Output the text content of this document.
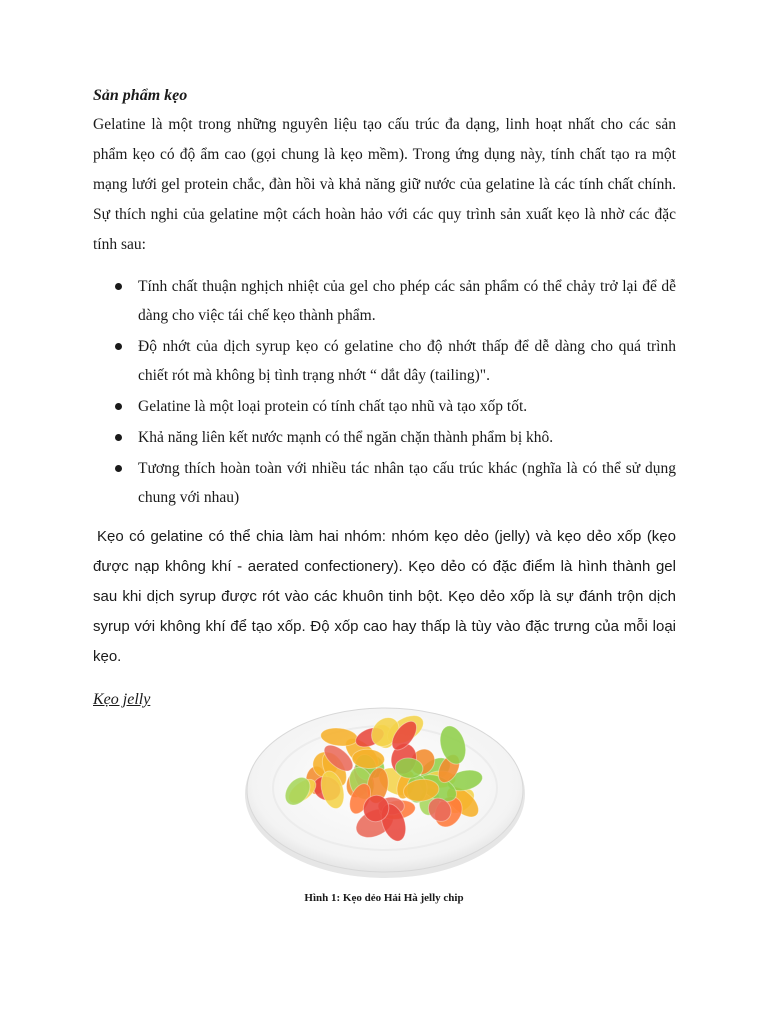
Sản phẩm kẹo

Gelatine là một trong những nguyên liệu tạo cấu trúc đa dạng, linh hoạt nhất cho các sản phẩm kẹo có độ ẩm cao (gọi chung là kẹo mềm). Trong ứng dụng này, tính chất tạo ra một mạng lưới gel protein chắc, đàn hồi và khả năng giữ nước của gelatine là các tính chất chính. Sự thích nghi của gelatine một cách hoàn hảo với các quy trình sản xuất kẹo là nhờ các đặc tính sau:

Tính chất thuận nghịch nhiệt của gel cho phép các sản phẩm có thể chảy trở lại để dễ dàng cho việc tái chế kẹo thành phẩm.
Độ nhớt của dịch syrup kẹo có gelatine cho độ nhớt thấp để dễ dàng cho quá trình chiết rót mà không bị tình trạng nhớt “ dắt dây (tailing)".
Gelatine là một loại protein có tính chất tạo nhũ và tạo xốp tốt.
Khả năng liên kết nước mạnh có thể ngăn chặn thành phẩm bị khô.
Tương thích hoàn toàn với nhiều tác nhân tạo cấu trúc khác (nghĩa là có thể sử dụng chung với nhau)

Kẹo có gelatine có thể chia làm hai nhóm: nhóm kẹo dẻo (jelly) và kẹo dẻo xốp (kẹo được nạp không khí - aerated confectionery). Kẹo dẻo có đặc điểm là hình thành gel sau khi dịch syrup được rót vào các khuôn tinh bột. Kẹo dẻo xốp là sự đánh trộn dịch syrup với không khí để tạo xốp. Độ xốp cao hay thấp là tùy vào đặc trưng của mỗi loại kẹo.

Kẹo jelly
Hình 1: Kẹo dẻo Hải Hà jelly chip
